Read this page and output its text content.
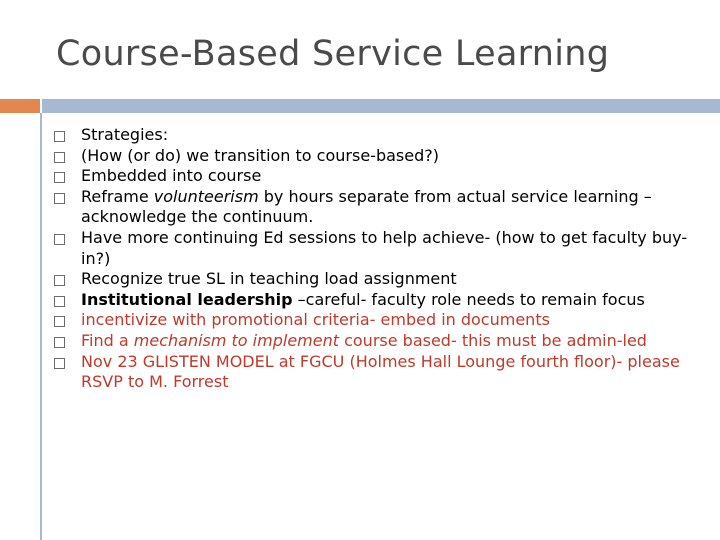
Course-Based Service Learning
Strategies:
(How (or do) we transition to course-based?)
Embedded into course
Reframe volunteerism by hours separate from actual service learning – acknowledge the continuum.
Have more continuing Ed sessions to help achieve- (how to get faculty buy-in?)
Recognize true SL in teaching load assignment
Institutional leadership –careful- faculty role needs to remain focus
incentivize with promotional criteria- embed in documents
Find a mechanism to implement course based- this must be admin-led
Nov 23 GLISTEN MODEL at FGCU (Holmes Hall Lounge fourth floor)- please RSVP to M. Forrest
